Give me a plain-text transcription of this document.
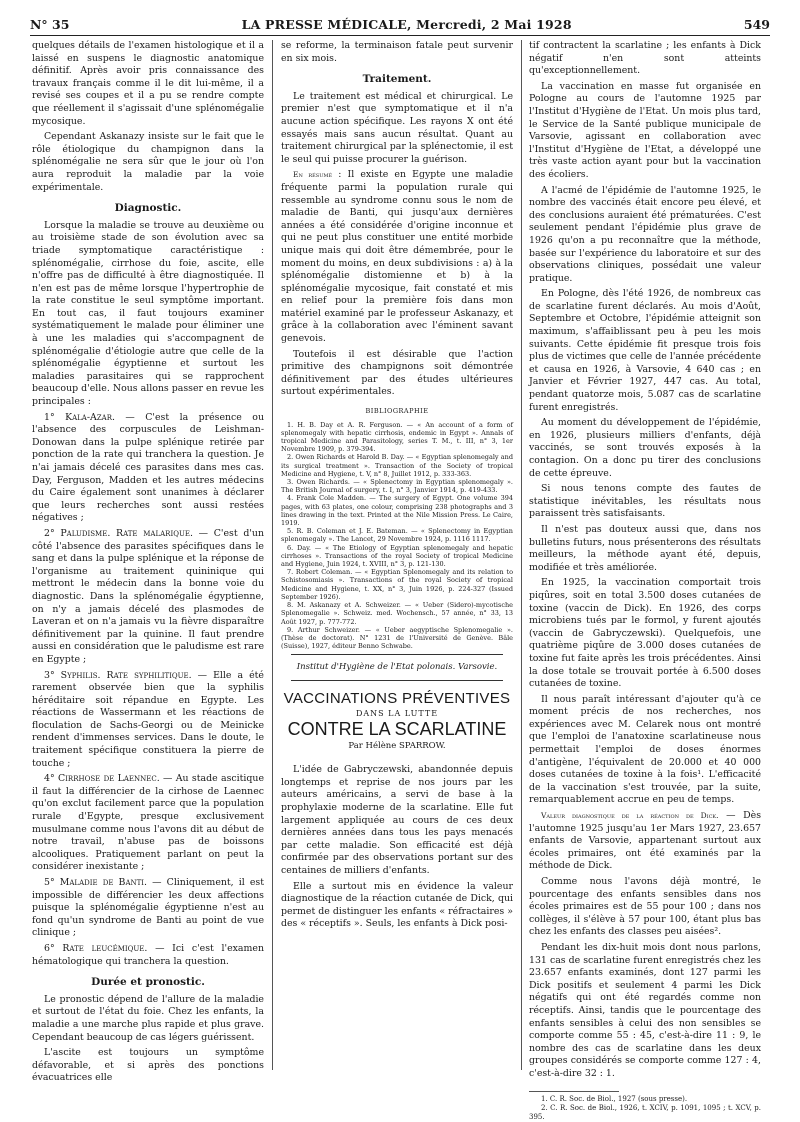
N° 35	LA PRESSE MÉDICALE, Mercredi, 2 Mai 1928	549

quelques détails de l'examen histologique et il a laissé en suspens le diagnostic anatomique définitif. Après avoir pris connaissance des travaux français comme il le dit lui-même, il a revisé ses coupes et il a pu se rendre compte que réellement il s'agissait d'une splénomégalie mycosique.

Cependant Askanazy insiste sur le fait que le rôle étiologique du champignon dans la splénomégalie ne sera sûr que le jour où l'on aura reproduit la maladie par la voie expérimentale.

Diagnostic.

Lorsque la maladie se trouve au deuxième ou au troisième stade de son évolution avec sa triade symptomatique caractéristique : splénomégalie, cirrhose du foie, ascite, elle n'offre pas de difficulté à être diagnostiquée. Il n'en est pas de même lorsque l'hypertrophie de la rate constitue le seul symptôme important. En tout cas, il faut toujours examiner systématiquement le malade pour éliminer une à une les maladies qui s'accompagnent de splénomégalie d'étiologie autre que celle de la splénomégalie égyptienne et surtout les maladies parasitaires qui se rapprochent beaucoup d'elle. Nous allons passer en revue les principales :

1° Kala-Azar. — C'est la présence ou l'absence des corpuscules de Leishman-Donowan dans la pulpe splénique retirée par ponction de la rate qui tranchera la question. Je n'ai jamais décelé ces parasites dans mes cas. Day, Ferguson, Madden et les autres médecins du Caire également sont unanimes à déclarer que leurs recherches sont aussi restées négatives ;

2° Paludisme. Rate malarique. — C'est d'un côté l'absence des parasites spécifiques dans le sang et dans la pulpe splénique et la réponse de l'organisme au traitement quininique qui mettront le médecin dans la bonne voie du diagnostic. Dans la splénomégalie égyptienne, on n'y a jamais décelé des plasmodes de Laveran et on n'a jamais vu la fièvre disparaître définitivement par la quinine. Il faut prendre aussi en considération que le paludisme est rare en Egypte ;

3° Syphilis. Rate syphilitique. — Elle a été rarement observée bien que la syphilis héréditaire soit répandue en Egypte. Les réactions de Wassermann et les réactions de floculation de Sachs-Georgi ou de Meinicke rendent d'immenses services. Dans le doute, le traitement spécifique constituera la pierre de touche ;

4° Cirrhose de Laennec. — Au stade ascitique il faut la différencier de la cirhose de Laennec qu'on exclut facilement parce que la population rurale d'Egypte, presque exclusivement musulmane comme nous l'avons dit au début de notre travail, n'abuse pas de boissons alcooliques. Pratiquement parlant on peut la considérer inexistante ;

5° Maladie de Banti. — Cliniquement, il est impossible de différencier les deux affections puisque la splénomégalie égyptienne n'est au fond qu'un syndrome de Banti au point de vue clinique ;

6° Rate leucémique. — Ici c'est l'examen hématologique qui tranchera la question.

Durée et pronostic.

Le pronostic dépend de l'allure de la maladie et surtout de l'état du foie. Chez les enfants, la maladie a une marche plus rapide et plus grave. Cependant beaucoup de cas légers guérissent.

L'ascite est toujours un symptôme défavorable, et si après des ponctions évacuatrices elle

se reforme, la terminaison fatale peut survenir en six mois.

Traitement.

Le traitement est médical et chirurgical. Le premier n'est que symptomatique et il n'a aucune action spécifique. Les rayons X ont été essayés mais sans aucun résultat. Quant au traitement chirurgical par la splénectomie, il est le seul qui puisse procurer la guérison.

En résumé : Il existe en Egypte une maladie fréquente parmi la population rurale qui ressemble au syndrome connu sous le nom de maladie de Banti, qui jusqu'aux dernières années a été considérée d'origine inconnue et qui ne peut plus constituer une entité morbide unique mais qui doit être démembrée, pour le moment du moins, en deux subdivisions : a) à la splénomégalie distomienne et b) à la splénomégalie mycosique, fait constaté et mis en relief pour la première fois dans mon matériel examiné par le professeur Askanazy, et grâce à la collaboration avec l'éminent savant genevois.

Toutefois il est désirable que l'action primitive des champignons soit démontrée définitivement par des études ultérieures surtout expérimentales.

BIBLIOGRAPHIE

1. H. B. Day et A. R. Ferguson. — « An account of a form of splenomegaly with hepatic cirrhosis, endemic in Egypt ». Annals of tropical Medicine and Parasitology, series T. M., t. III, n° 3, 1er Novembre 1909, p. 379-394.

2. Owen Richards et Harold B. Day. — « Egyptian splenomegaly and its surgical treatment ». Transaction of the Society of tropical Medicine and Hygiene, t. V, n° 8, Juillet 1912, p. 333-363.

3. Owen Richards. — « Splenectomy in Egyptian splenomegaly ». The British Journal of surgery, t. I, n° 3, Janvier 1914, p. 419-433.

4. Frank Cole Madden. — The surgery of Egypt. One volume 394 pages, with 63 plates, one colour, comprising 238 photographs and 3 lines drawing in the text. Printed at the Nile Mission Press. Le Caire, 1919.

5. R. B. Coleman et J. E. Bateman. — « Splenectomy in Egyptian splenomegaly ». The Lancet, 29 Novembre 1924, p. 1116 1117.

6. Day. — « The Etiology of Egyptian splenomegaly and hepatic cirrhoses ». Transactions of the royal Society of tropical Medicine and Hygiene, Juin 1924, t. XVIII, n° 3, p. 121-130.

7. Robert Coleman. — « Egyptian Splenomegaly and its relation to Schistosomiasis ». Transactions of the royal Society of tropical Medicine and Hygiene, t. XX, n° 3, Juin 1926, p. 224-327 (Issued September 1926).

8. M. Askanazy et A. Schweizer. — « Ueber (Sidero)-mycotische Splenomegalie ». Schweiz. med. Wochensch., 57 année, n° 33, 13 Août 1927, p. 777-772.

9. Arthur Schweizer. — « Ueber aegyptische Splenomegalie ». (Thèse de doctorat). N° 1231 de l'Université de Genève. Bâle (Suisse), 1927, éditeur Benno Schwabe.

Institut d'Hygiène de l'Etat polonais. Varsovie.
VACCINATIONS PRÉVENTIVES
DANS LA LUTTE
CONTRE LA SCARLATINE
Par Hélène SPARROW.

L'idée de Gabryczewski, abandonnée depuis longtemps et reprise de nos jours par les auteurs américains, a servi de base à la prophylaxie moderne de la scarlatine. Elle fut largement appliquée au cours de ces deux dernières années dans tous les pays menacés par cette maladie. Son efficacité est déjà confirmée par des observations portant sur des centaines de milliers d'enfants.

Elle a surtout mis en évidence la valeur diagnostique de la réaction cutanée de Dick, qui permet de distinguer les enfants « réfractaires » des « réceptifs ». Seuls, les enfants à Dick posi-

tif contractent la scarlatine ; les enfants à Dick négatif n'en sont atteints qu'exceptionnellement.

La vaccination en masse fut organisée en Pologne au cours de l'automne 1925 par l'Institut d'Hygiène de l'Etat. Un mois plus tard, le Service de la Santé publique municipale de Varsovie, agissant en collaboration avec l'Institut d'Hygiène de l'Etat, a développé une très vaste action ayant pour but la vaccination des écoliers.

A l'acmé de l'épidémie de l'automne 1925, le nombre des vaccinés était encore peu élevé, et des conclusions auraient été prématurées. C'est seulement pendant l'épidémie plus grave de 1926 qu'on a pu reconnaître que la méthode, basée sur l'expérience du laboratoire et sur des observations cliniques, possédait une valeur pratique.

En Pologne, dès l'été 1926, de nombreux cas de scarlatine furent déclarés. Au mois d'Août, Septembre et Octobre, l'épidémie atteignit son maximum, s'affaiblissant peu à peu les mois suivants. Cette épidémie fit presque trois fois plus de victimes que celle de l'année précédente et causa en 1926, à Varsovie, 4 640 cas ; en Janvier et Février 1927, 447 cas. Au total, pendant quatorze mois, 5.087 cas de scarlatine furent enregistrés.

Au moment du développement de l'épidémie, en 1926, plusieurs milliers d'enfants, déjà vaccinés, se sont trouvés exposés à la contagion. On a donc pu tirer des conclusions de cette épreuve.

Si nous tenons compte des fautes de statistique inévitables, les résultats nous paraissent très satisfaisants.

Il n'est pas douteux aussi que, dans nos bulletins futurs, nous présenterons des résultats meilleurs, la méthode ayant été, depuis, modifiée et très améliorée.

En 1925, la vaccination comportait trois piqûres, soit en total 3.500 doses cutanées de toxine (vaccin de Dick). En 1926, des corps microbiens tués par le formol, y furent ajoutés (vaccin de Gabryczewski). Quelquefois, une quatrième piqûre de 3.000 doses cutanées de toxine fut faite après les trois précédentes. Ainsi la dose totale se trouvait portée à 6.500 doses cutanées de toxine.

Il nous paraît intéressant d'ajouter qu'à ce moment précis de nos recherches, nos expériences avec M. Celarek nous ont montré que l'emploi de l'anatoxine scarlatineuse nous permettait l'emploi de doses énormes d'antigène, l'équivalent de 20.000 et 40 000 doses cutanées de toxine à la fois¹. L'efficacité de la vaccination s'est trouvée, par la suite, remarquablement accrue en peu de temps.

Valeur diagnostique de la réaction de Dick. — Dès l'automne 1925 jusqu'au 1er Mars 1927, 23.657 enfants de Varsovie, appartenant surtout aux écoles primaires, ont été examinés par la méthode de Dick.

Comme nous l'avons déjà montré, le pourcentage des enfants sensibles dans nos écoles primaires est de 55 pour 100 ; dans nos collèges, il s'élève à 57 pour 100, étant plus bas chez les enfants des classes peu aisées².

Pendant les dix-huit mois dont nous parlons, 131 cas de scarlatine furent enregistrés chez les 23.657 enfants examinés, dont 127 parmi les Dick positifs et seulement 4 parmi les Dick négatifs qui ont été regardés comme non réceptifs. Ainsi, tandis que le pourcentage des enfants sensibles à celui des non sensibles se comporte comme 55 : 45, c'est-à-dire 11 : 9, le nombre des cas de scarlatine dans les deux groupes considérés se comporte comme 127 : 4, c'est-à-dire 32 : 1.

1. C. R. Soc. de Biol., 1927 (sous presse).

2. C. R. Soc. de Biol., 1926, t. XCIV, p. 1091, 1095 ; t. XCV, p. 395.
